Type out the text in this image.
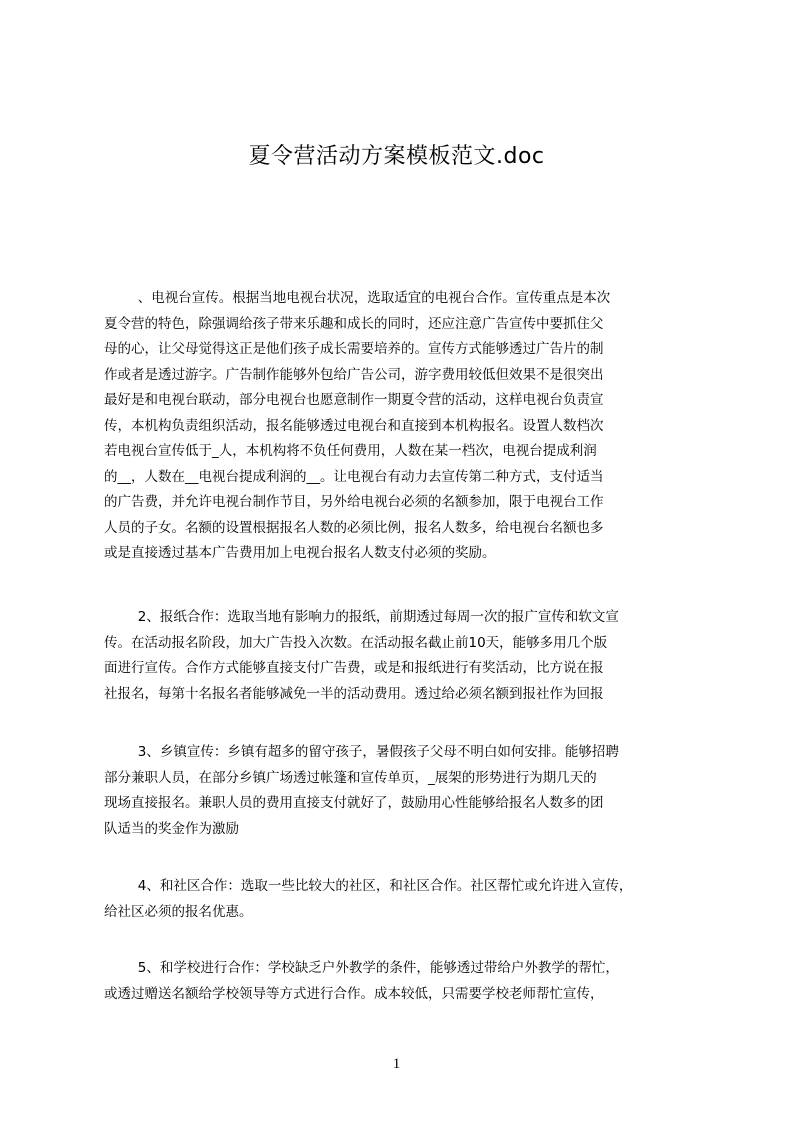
夏令营活动方案模板范文.doc
、电视台宣传。根据当地电视台状况，选取适宜的电视台合作。宣传重点是本次
夏令营的特色，除强调给孩子带来乐趣和成长的同时，还应注意广告宣传中要抓住父
母的心，让父母觉得这正是他们孩子成长需要培养的。宣传方式能够透过广告片的制
作或者是透过游字。广告制作能够外包给广告公司，游字费用较低但效果不是很突出
最好是和电视台联动，部分电视台也愿意制作一期夏令营的活动，这样电视台负责宣
传，本机构负责组织活动，报名能够透过电视台和直接到本机构报名。设置人数档次
若电视台宣传低于_人，本机构将不负任何费用，人数在某一档次，电视台提成利润
的__，人数在__电视台提成利润的__。让电视台有动力去宣传第二种方式，支付适当
的广告费，并允许电视台制作节目，另外给电视台必须的名额参加，限于电视台工作
人员的子女。名额的设置根据报名人数的必须比例，报名人数多，给电视台名额也多
或是直接透过基本广告费用加上电视台报名人数支付必须的奖励。
2、报纸合作：选取当地有影响力的报纸，前期透过每周一次的报广宣传和软文宣
传。在活动报名阶段，加大广告投入次数。在活动报名截止前10天，能够多用几个版
面进行宣传。合作方式能够直接支付广告费，或是和报纸进行有奖活动，比方说在报
社报名，每第十名报名者能够减免一半的活动费用。透过给必须名额到报社作为回报
3、乡镇宣传：乡镇有超多的留守孩子，暑假孩子父母不明白如何安排。能够招聘
部分兼职人员，在部分乡镇广场透过帐篷和宣传单页，_展架的形势进行为期几天的
现场直接报名。兼职人员的费用直接支付就好了，鼓励用心性能够给报名人数多的团
队适当的奖金作为激励
4、和社区合作：选取一些比较大的社区，和社区合作。社区帮忙或允许进入宣传，
给社区必须的报名优惠。
5、和学校进行合作：学校缺乏户外教学的条件，能够透过带给户外教学的帮忙，
或透过赠送名额给学校领导等方式进行合作。成本较低，只需要学校老师帮忙宣传，
1
